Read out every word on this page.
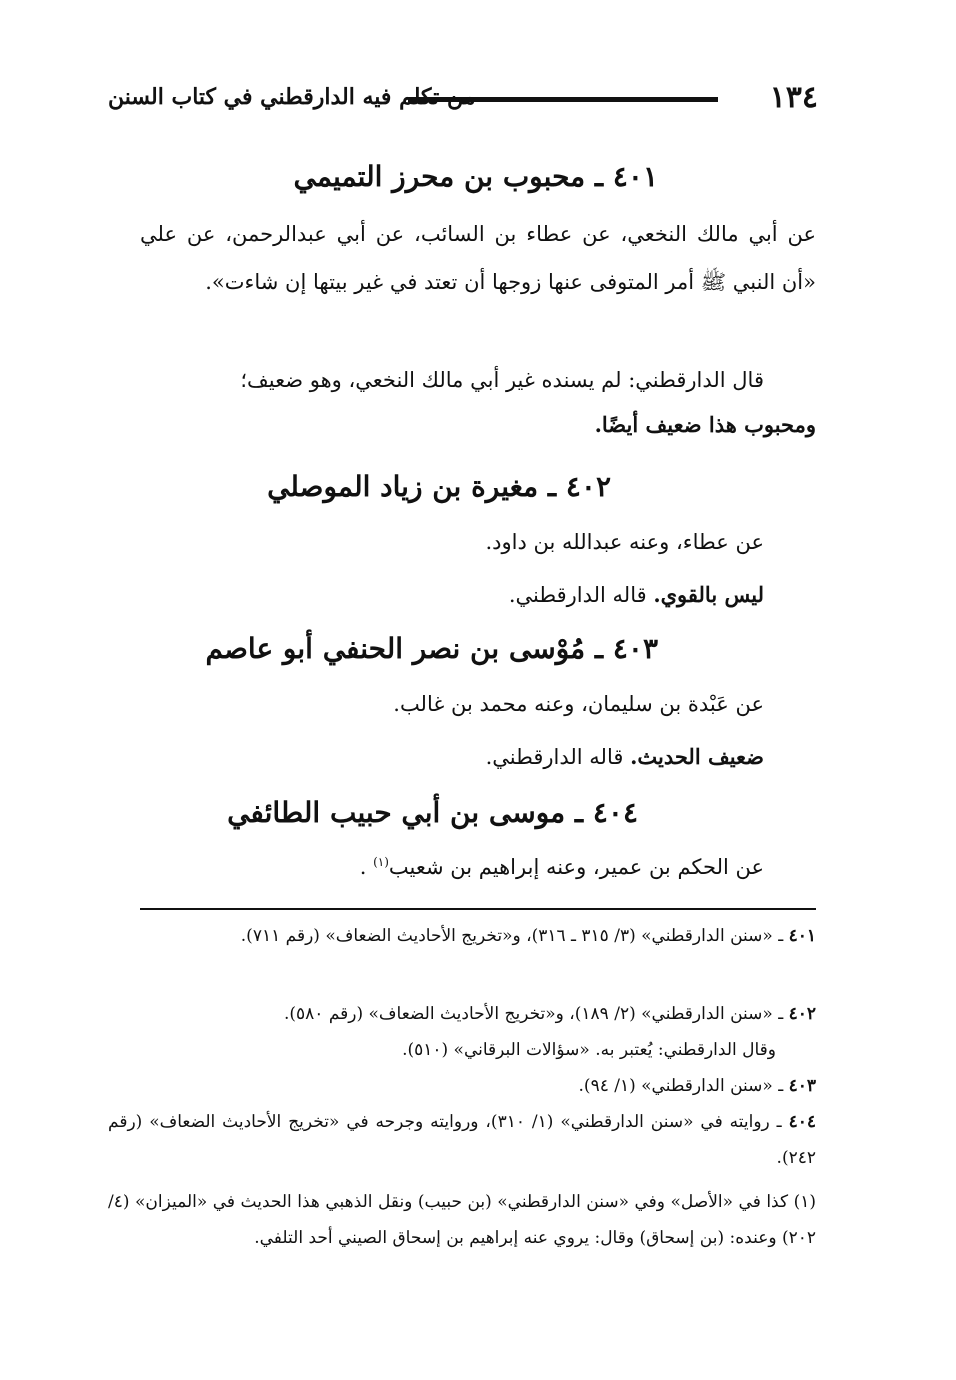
١٣٤
من تكلم فيه الدارقطني في كتاب السنن
٤٠١ ـ محبوب بن محرز التميمي
عن أبي مالك النخعي، عن عطاء بن السائب، عن أبي عبدالرحمن، عن علي «أن النبي ﷺ أمر المتوفى عنها زوجها أن تعتد في غير بيتها إن شاءت».
قال الدارقطني: لم يسنده غير أبي مالك النخعي، وهو ضعيف؛
ومحبوب هذا ضعيف أيضًا.
٤٠٢ ـ مغيرة بن زياد الموصلي
عن عطاء، وعنه عبدالله بن داود.
ليس بالقوي. قاله الدارقطني.
٤٠٣ ـ مُوْسى بن نصر الحنفي أبو عاصم
عن عَبْدة بن سليمان، وعنه محمد بن غالب.
ضعيف الحديث. قاله الدارقطني.
٤٠٤ ـ موسى بن أبي حبيب الطائفي
عن الحكم بن عمير، وعنه إبراهيم بن شعيب$^{(١)}$ .
٤٠١ ـ «سنن الدارقطني» (٣/ ٣١٥ ـ ٣١٦)، و«تخريج الأحاديث الضعاف» (رقم ٧١١).
٤٠٢ ـ «سنن الدارقطني» (٢/ ١٨٩)، و«تخريج الأحاديث الضعاف» (رقم ٥٨٠).
وقال الدارقطني: يُعتبر به. «سؤالات البرقاني» (٥١٠).
٤٠٣ ـ «سنن الدارقطني» (١/ ٩٤).
٤٠٤ ـ روايته في «سنن الدارقطني» (١/ ٣١٠)، وروايته وجرحه في «تخريج الأحاديث الضعاف» (رقم ٢٤٢).
(١) كذا في «الأصل» وفي «سنن الدارقطني» (بن حبيب) ونقل الذهبي هذا الحديث في «الميزان» (٤/ ٢٠٢) وعنده: (بن إسحاق) وقال: يروي عنه إبراهيم بن إسحاق الصيني أحد التلفي.
